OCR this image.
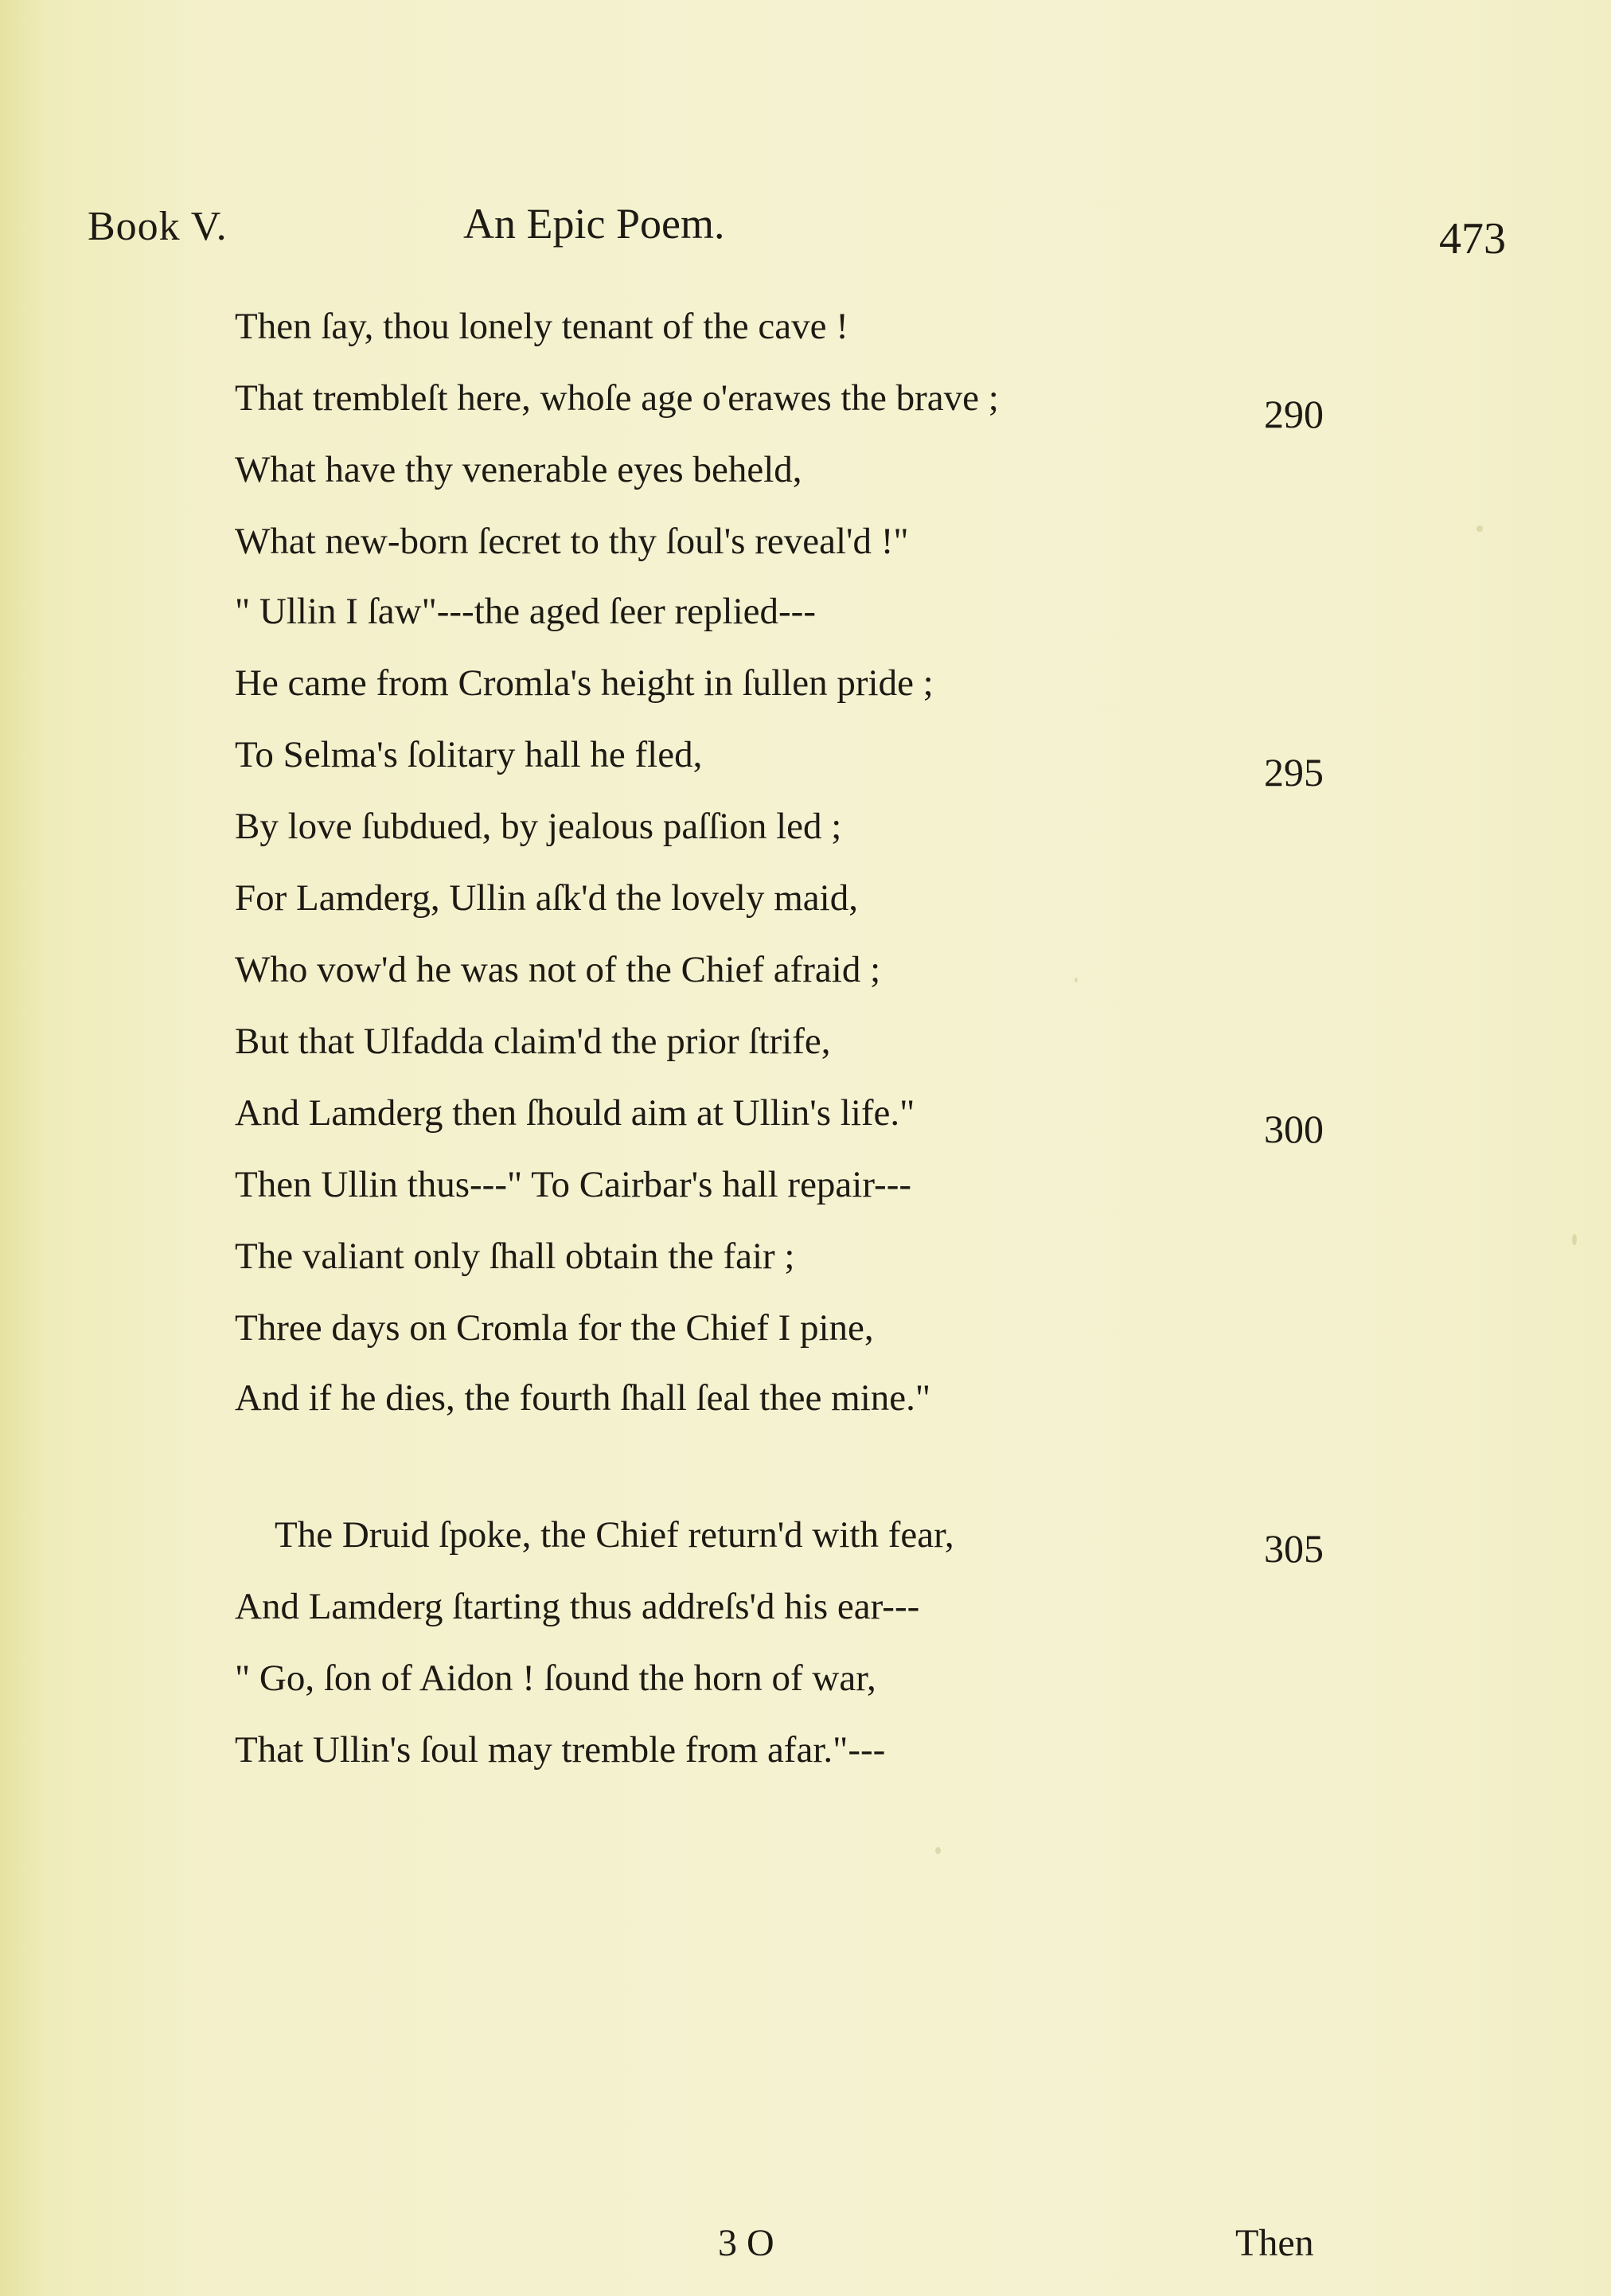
Book V.	An Epic Poem.	473
Then ſay, thou lonely tenant of the cave !
That trembleſt here, whoſe age o'erawes the brave ;	290
What have thy venerable eyes beheld,
What new-born ſecret to thy ſoul's reveal'd !"
" Ullin I ſaw"---the aged ſeer replied---
He came from Cromla's height in ſullen pride ;
To Selma's ſolitary hall he fled,	295
By love ſubdued, by jealous paſſion led ;
For Lamderg, Ullin aſk'd the lovely maid,
Who vow'd he was not of the Chief afraid ;
But that Ulfadda claim'd the prior ſtrife,
And Lamderg then ſhould aim at Ullin's life."	300
Then Ullin thus---" To Cairbar's hall repair---
The valiant only ſhall obtain the fair ;
Three days on Cromla for the Chief I pine,
And if he dies, the fourth ſhall ſeal thee mine."
The Druid ſpoke, the Chief return'd with fear,	305
And Lamderg ſtarting thus addreſs'd his ear---
" Go, ſon of Aidon ! ſound the horn of war,
That Ullin's ſoul may tremble from afar."---
3 O	Then
